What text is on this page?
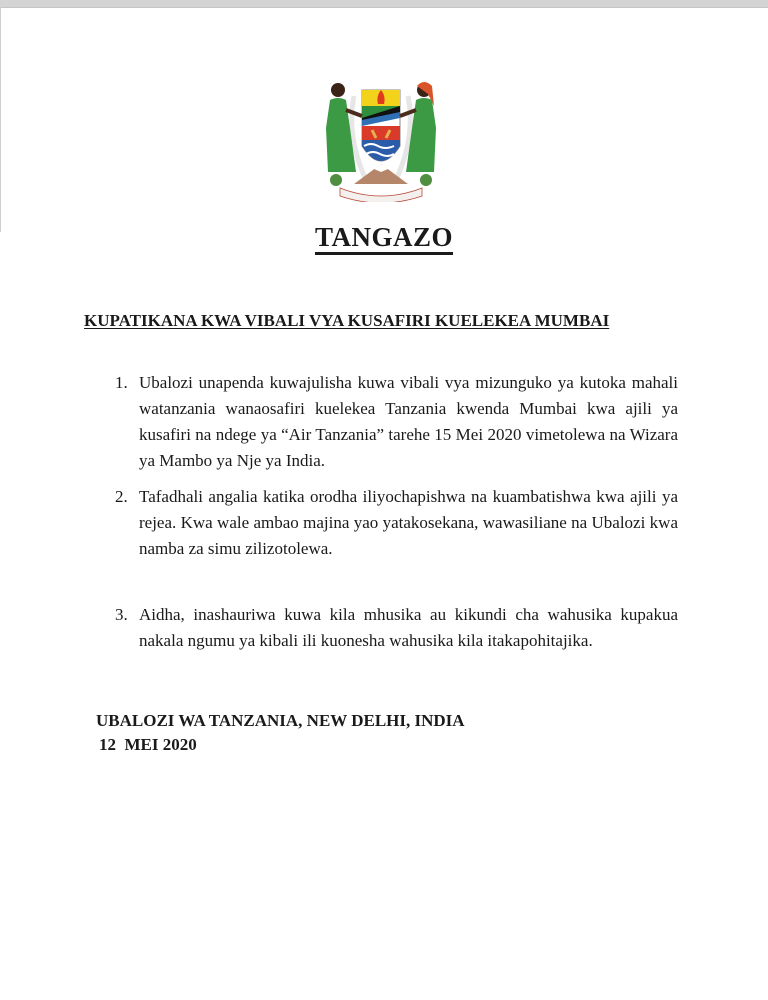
TANGAZO
KUPATIKANA KWA VIBALI VYA KUSAFIRI KUELEKEA MUMBAI
1. Ubalozi unapenda kuwajulisha kuwa vibali vya mizunguko ya kutoka mahali watanzania wanaosafiri kuelekea Tanzania kwenda Mumbai kwa ajili ya kusafiri na ndege ya “Air Tanzania” tarehe 15 Mei 2020 vimetolewa na Wizara ya Mambo ya Nje ya India.
2. Tafadhali angalia katika orodha iliyochapishwa na kuambatishwa kwa ajili ya rejea. Kwa wale ambao majina yao yatakosekana, wawasiliane na Ubalozi kwa namba za simu zilizotolewa.
3. Aidha, inashauriwa kuwa kila mhusika au kikundi cha wahusika kupakua nakala ngumu ya kibali ili kuonesha wahusika kila itakapohitajika.
UBALOZI WA TANZANIA, NEW DELHI, INDIA
12  MEI 2020
